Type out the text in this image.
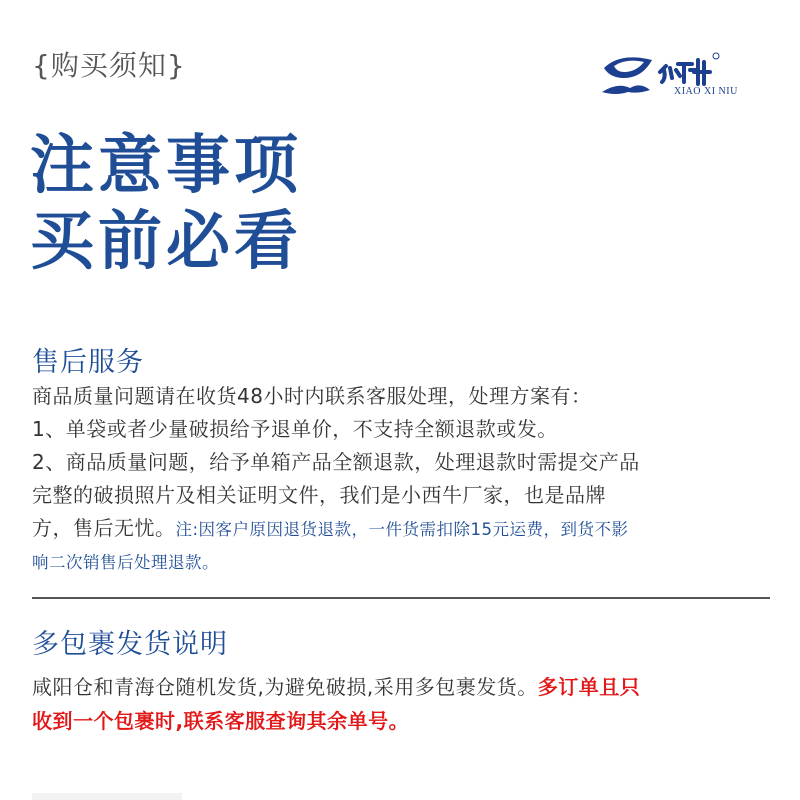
{购买须知}
XIAO XI NIU
注意事项
买前必看
售后服务
商品质量问题请在收货48小时内联系客服处理，处理方案有：
1、单袋或者少量破损给予退单价，不支持全额退款或发。
2、商品质量问题，给予单箱产品全额退款，处理退款时需提交产品
完整的破损照片及相关证明文件，我们是小西牛厂家，也是品牌
方，售后无忧。注:因客户原因退货退款，一件货需扣除15元运费，到货不影
响二次销售后处理退款。
多包裹发货说明
咸阳仓和青海仓随机发货,为避免破损,采用多包裹发货。多订单且只
收到一个包裹时,联系客服查询其余单号。
